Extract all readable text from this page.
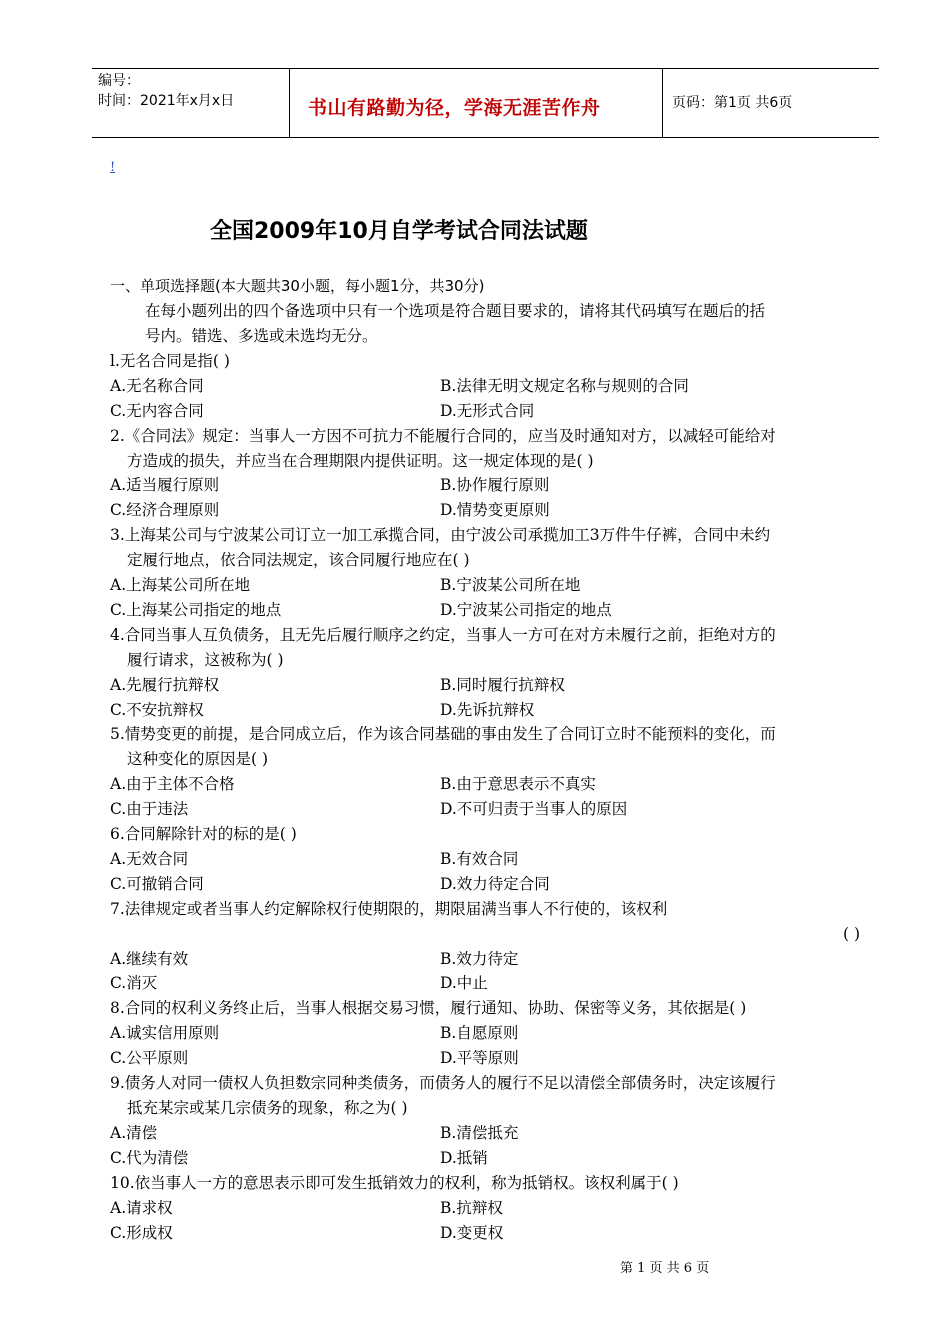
编号：
时间：2021年x月x日	书山有路勤为径，学海无涯苦作舟	页码：第1页 共6页
!
全国2009年10月自学考试合同法试题
一、单项选择题(本大题共30小题，每小题1分，共30分)
在每小题列出的四个备选项中只有一个选项是符合题目要求的，请将其代码填写在题后的括
号内。错选、多选或未选均无分。
l.无名合同是指( )
A.无名称合同	B.法律无明文规定名称与规则的合同
C.无内容合同	D.无形式合同
2.《合同法》规定：当事人一方因不可抗力不能履行合同的，应当及时通知对方，以减轻可能给对
方造成的损失，并应当在合理期限内提供证明。这一规定体现的是( )
A.适当履行原则	B.协作履行原则
C.经济合理原则	D.情势变更原则
3.上海某公司与宁波某公司订立一加工承揽合同，由宁波公司承揽加工3万件牛仔裤，合同中未约
定履行地点，依合同法规定，该合同履行地应在( )
A.上海某公司所在地	B.宁波某公司所在地
C.上海某公司指定的地点	D.宁波某公司指定的地点
4.合同当事人互负债务，且无先后履行顺序之约定，当事人一方可在对方未履行之前，拒绝对方的
履行请求，这被称为( )
A.先履行抗辩权	B.同时履行抗辩权
C.不安抗辩权	D.先诉抗辩权
5.情势变更的前提，是合同成立后，作为该合同基础的事由发生了合同订立时不能预料的变化，而
这种变化的原因是( )
A.由于主体不合格	B.由于意思表示不真实
C.由于违法	D.不可归责于当事人的原因
6.合同解除针对的标的是( )
A.无效合同	B.有效合同
C.可撤销合同	D.效力待定合同
7.法律规定或者当事人约定解除权行使期限的，期限届满当事人不行使的，该权利
( )
A.继续有效	B.效力待定
C.消灭	D.中止
8.合同的权利义务终止后，当事人根据交易习惯，履行通知、协助、保密等义务，其依据是( )
A.诚实信用原则	B.自愿原则
C.公平原则	D.平等原则
9.债务人对同一债权人负担数宗同种类债务，而债务人的履行不足以清偿全部债务时，决定该履行
抵充某宗或某几宗债务的现象，称之为( )
A.清偿	B.清偿抵充
C.代为清偿	D.抵销
10.依当事人一方的意思表示即可发生抵销效力的权利，称为抵销权。该权利属于( )
A.请求权	B.抗辩权
C.形成权	D.变更权
第 1 页 共 6 页
